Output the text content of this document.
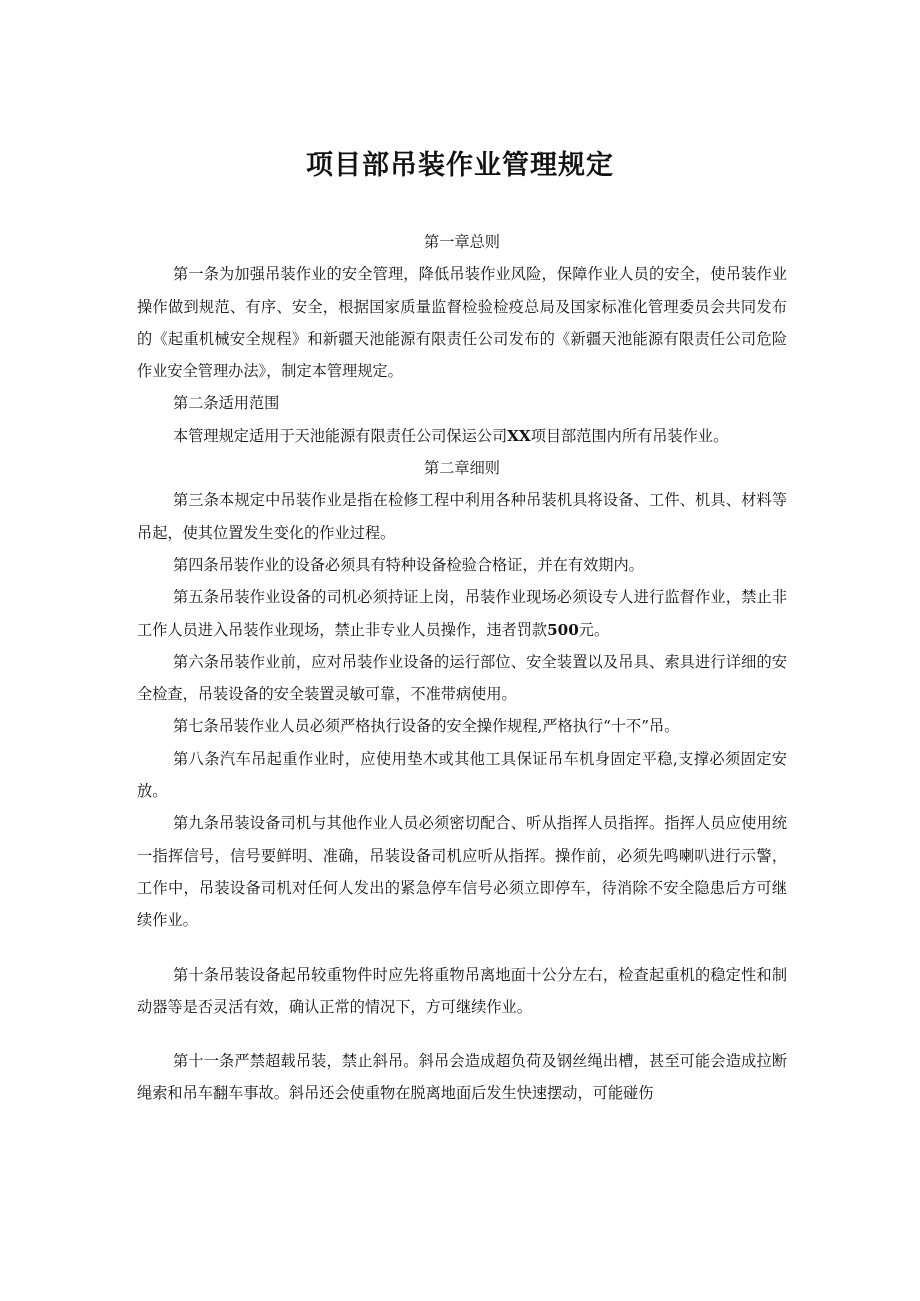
项目部吊装作业管理规定

第一章总则

第一条为加强吊装作业的安全管理，降低吊装作业风险，保障作业人员的安全，使吊装作业操作做到规范、有序、安全，根据国家质量监督检验检疫总局及国家标准化管理委员会共同发布的《起重机械安全规程》和新疆天池能源有限责任公司发布的《新疆天池能源有限责任公司危险作业安全管理办法》，制定本管理规定。

第二条适用范围

本管理规定适用于天池能源有限责任公司保运公司XX项目部范围内所有吊装作业。

第二章细则

第三条本规定中吊装作业是指在检修工程中利用各种吊装机具将设备、工件、机具、材料等吊起，使其位置发生变化的作业过程。

第四条吊装作业的设备必须具有特种设备检验合格证，并在有效期内。

第五条吊装作业设备的司机必须持证上岗，吊装作业现场必须设专人进行监督作业，禁止非工作人员进入吊装作业现场，禁止非专业人员操作，违者罚款500元。

第六条吊装作业前，应对吊装作业设备的运行部位、安全装置以及吊具、索具进行详细的安全检查，吊装设备的安全装置灵敏可靠，不准带病使用。

第七条吊装作业人员必须严格执行设备的安全操作规程,严格执行“十不”吊。

第八条汽车吊起重作业时，应使用垫木或其他工具保证吊车机身固定平稳,支撑必须固定安放。

第九条吊装设备司机与其他作业人员必须密切配合、听从指挥人员指挥。指挥人员应使用统一指挥信号，信号要鲜明、准确，吊装设备司机应听从指挥。操作前，必须先鸣喇叭进行示警，工作中，吊装设备司机对任何人发出的紧急停车信号必须立即停车，待消除不安全隐患后方可继续作业。

第十条吊装设备起吊较重物件时应先将重物吊离地面十公分左右，检查起重机的稳定性和制动器等是否灵活有效，确认正常的情况下，方可继续作业。

第十一条严禁超载吊装，禁止斜吊。斜吊会造成超负荷及钢丝绳出槽，甚至可能会造成拉断绳索和吊车翻车事故。斜吊还会使重物在脱离地面后发生快速摆动，可能碰伤
